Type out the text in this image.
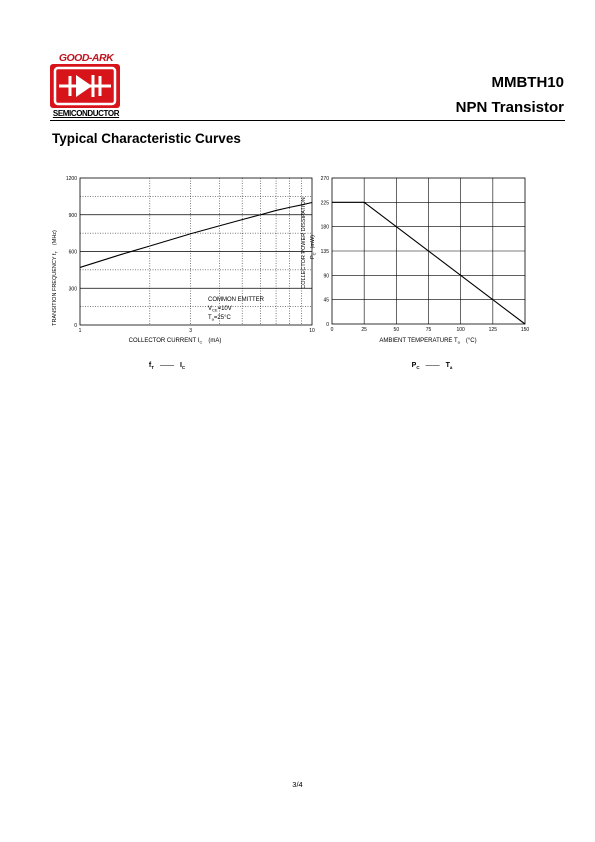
GOOD-ARK
SEMICONDUCTOR
MMBTH10
NPN Transistor
Typical Characteristic Curves
0
300
600
900
1200
1	3	10
TRANSITION FREQUENCY $f_T(MHz)$
COLLECTOR CURRENT $I_C$ (mA)
COMMON EMITTER
$V_{CE}=10V$
$T_a=25^\circ C$
$f_T$ —— $I_C$
0
45
90
135
180
225
270
0	25	50	75	100	125	150
COLLECTOR POWER DISSIPATION $P_C(mW)$
AMBIENT TEMPERATURE $T_a$ (°C)
$P_C$ —— $T_a$
3/4
